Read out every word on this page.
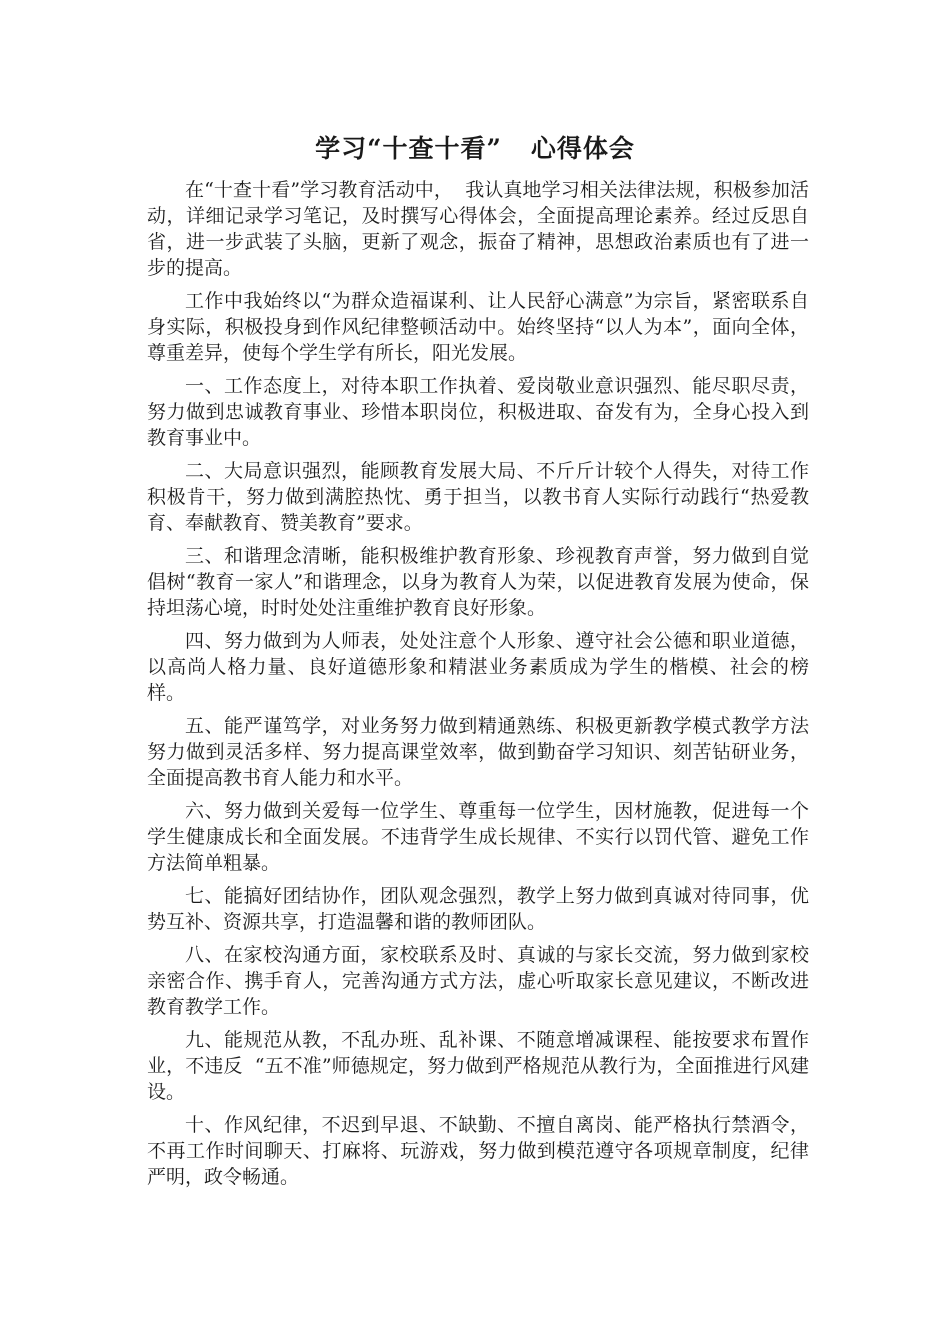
学习“十查十看”   心得体会

在“十查十看”学习教育活动中，  我认真地学习相关法律法规，积极参加活动，详细记录学习笔记，及时撰写心得体会，全面提高理论素养。经过反思自省，进一步武装了头脑，更新了观念，振奋了精神，思想政治素质也有了进一步的提高。

工作中我始终以“为群众造福谋利、让人民舒心满意”为宗旨，紧密联系自身实际，积极投身到作风纪律整顿活动中。始终坚持“以人为本”，面向全体，尊重差异，使每个学生学有所长，阳光发展。

一、工作态度上，对待本职工作执着、爱岗敬业意识强烈、能尽职尽责，努力做到忠诚教育事业、珍惜本职岗位，积极进取、奋发有为，全身心投入到教育事业中。

二、大局意识强烈，能顾教育发展大局、不斤斤计较个人得失，对待工作积极肯干，努力做到满腔热忱、勇于担当，以教书育人实际行动践行“热爱教育、奉献教育、赞美教育”要求。

三、和谐理念清晰，能积极维护教育形象、珍视教育声誉，努力做到自觉倡树“教育一家人”和谐理念，以身为教育人为荣，以促进教育发展为使命，保持坦荡心境，时时处处注重维护教育良好形象。

四、努力做到为人师表，处处注意个人形象、遵守社会公德和职业道德，以高尚人格力量、良好道德形象和精湛业务素质成为学生的楷模、社会的榜样。

五、能严谨笃学，对业务努力做到精通熟练、积极更新教学模式教学方法努力做到灵活多样、努力提高课堂效率，做到勤奋学习知识、刻苦钻研业务，全面提高教书育人能力和水平。

六、努力做到关爱每一位学生、尊重每一位学生，因材施教，促进每一个学生健康成长和全面发展。不违背学生成长规律、不实行以罚代管、避免工作方法简单粗暴。

七、能搞好团结协作，团队观念强烈，教学上努力做到真诚对待同事，优势互补、资源共享，打造温馨和谐的教师团队。

八、在家校沟通方面，家校联系及时、真诚的与家长交流，努力做到家校亲密合作、携手育人，完善沟通方式方法，虚心听取家长意见建议，不断改进教育教学工作。

九、能规范从教，不乱办班、乱补课、不随意增减课程、能按要求布置作业，不违反  “五不准”师德规定，努力做到严格规范从教行为，全面推进行风建设。

十、作风纪律，不迟到早退、不缺勤、不擅自离岗、能严格执行禁酒令，不再工作时间聊天、打麻将、玩游戏，努力做到模范遵守各项规章制度，纪律严明，政令畅通。
